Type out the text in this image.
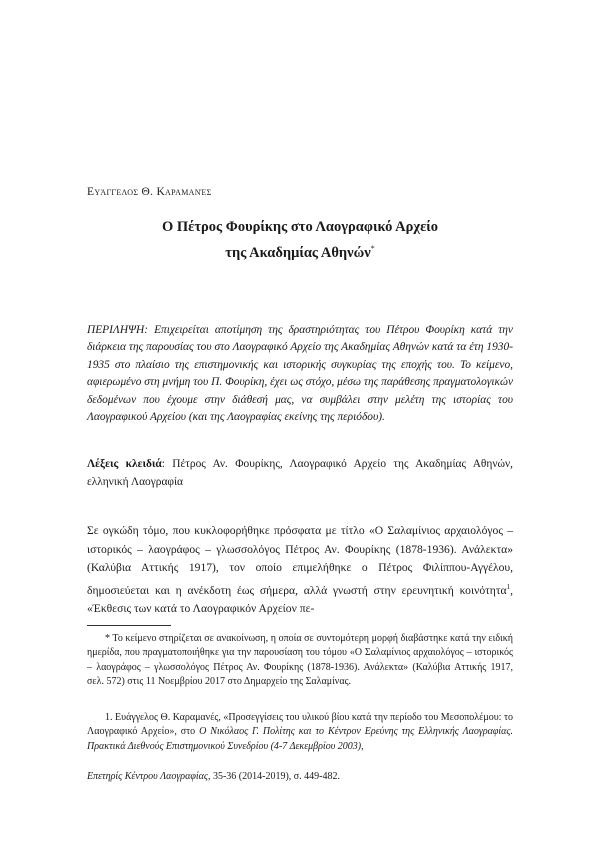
Ευάγγελος Θ. Καραμανές
Ο Πέτρος Φουρίκης στο Λαογραφικό Αρχείο
της Ακαδημίας Αθηνών*

ΠΕΡΙΛΗΨΗ: Επιχειρείται αποτίμηση της δραστηριότητας του Πέτρου Φουρίκη κατά την διάρκεια της παρουσίας του στο Λαογραφικό Αρχείο της Ακαδημίας Αθηνών κατά τα έτη 1930-1935 στο πλαίσιο της επιστημονικής και ιστορικής συγκυρίας της εποχής του. Το κείμενο, αφιερωμένο στη μνήμη του Π. Φουρίκη, έχει ως στόχο, μέσω της παράθεσης πραγματολογικών δεδομένων που έχουμε στην διάθεσή μας, να συμβάλει στην μελέτη της ιστορίας του Λαογραφικού Αρχείου (και της Λαογραφίας εκείνης της περιόδου).

Λέξεις κλειδιά: Πέτρος Αν. Φουρίκης, Λαογραφικό Αρχείο της Ακαδημίας Αθηνών, ελληνική Λαογραφία

Σε ογκώδη τόμο, που κυκλοφορήθηκε πρόσφατα με τίτλο «Ο Σαλαμίνιος αρχαιολόγος – ιστορικός – λαογράφος – γλωσσολόγος Πέτρος Αν. Φουρίκης (1878-1936). Ανάλεκτα» (Καλύβια Αττικής 1917), τον οποίο επιμελήθηκε ο Πέτρος Φιλίππου-Αγγέλου, δημοσιεύεται και η ανέκδοτη έως σήμερα, αλλά γνωστή στην ερευνητική κοινότητα$^1$, «Έκθεσις των κατά το Λαογραφικόν Αρχείον πε-

* Το κείμενο στηρίζεται σε ανακοίνωση, η οποία σε συντομότερη μορφή διαβάστηκε κατά την ειδική ημερίδα, που πραγματοποιήθηκε για την παρουσίαση του τόμου «Ο Σαλαμίνιος αρχαιολόγος – ιστορικός – λαογράφος – γλωσσολόγος Πέτρος Αν. Φουρίκης (1878-1936). Ανάλεκτα» (Καλύβια Αττικής 1917, σελ. 572) στις 11 Νοεμβρίου 2017 στο Δημαρχείο της Σαλαμίνας.

1. Ευάγγελος Θ. Καραμανές, «Προσεγγίσεις του υλικού βίου κατά την περίοδο του Μεσοπολέμου: το Λαογραφικό Αρχείο», στο Ο Νικόλαος Γ. Πολίτης και το Κέντρον Ερεύνης της Ελληνικής Λαογραφίας. Πρακτικά Διεθνούς Επιστημονικού Συνεδρίου (4-7 Δεκεμβρίου 2003),

Επετηρίς Κέντρου Λαογραφίας, 35-36 (2014-2019), σ. 449-482.
